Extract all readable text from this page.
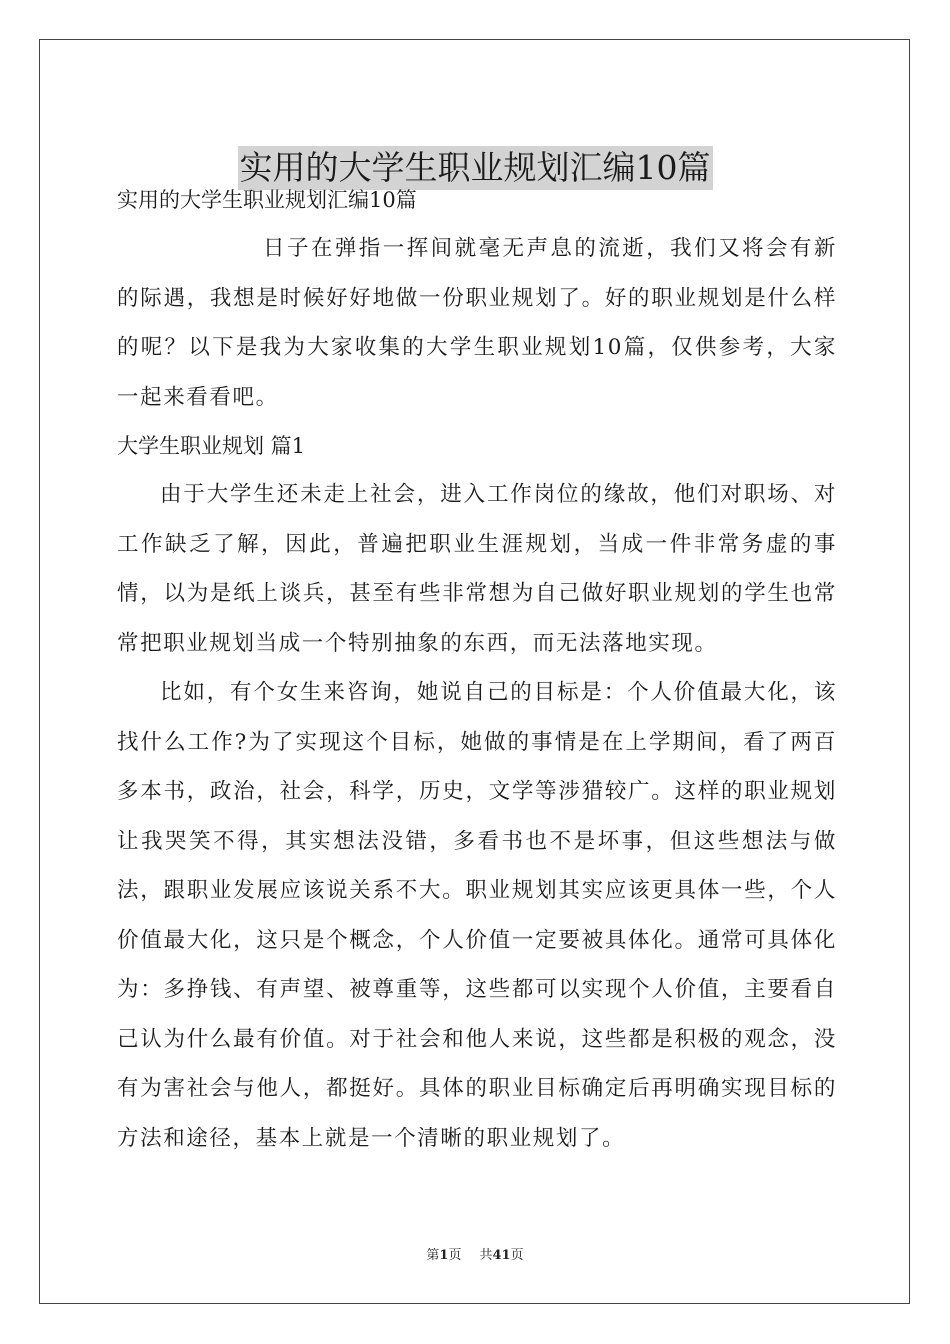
实用的大学生职业规划汇编10篇

实用的大学生职业规划汇编10篇

日子在弹指一挥间就毫无声息的流逝，我们又将会有新的际遇，我想是时候好好地做一份职业规划了。好的职业规划是什么样的呢？以下是我为大家收集的大学生职业规划10篇，仅供参考，大家一起来看看吧。

大学生职业规划 篇1

由于大学生还未走上社会，进入工作岗位的缘故，他们对职场、对工作缺乏了解，因此，普遍把职业生涯规划，当成一件非常务虚的事情，以为是纸上谈兵，甚至有些非常想为自己做好职业规划的学生也常常把职业规划当成一个特别抽象的东西，而无法落地实现。

比如，有个女生来咨询，她说自己的目标是：个人价值最大化，该找什么工作?为了实现这个目标，她做的事情是在上学期间，看了两百多本书，政治，社会，科学，历史，文学等涉猎较广。这样的职业规划让我哭笑不得，其实想法没错，多看书也不是坏事，但这些想法与做法，跟职业发展应该说关系不大。职业规划其实应该更具体一些，个人价值最大化，这只是个概念，个人价值一定要被具体化。通常可具体化为：多挣钱、有声望、被尊重等，这些都可以实现个人价值，主要看自己认为什么最有价值。对于社会和他人来说，这些都是积极的观念，没有为害社会与他人，都挺好。具体的职业目标确定后再明确实现目标的方法和途径，基本上就是一个清晰的职业规划了。

第1页 共41页
